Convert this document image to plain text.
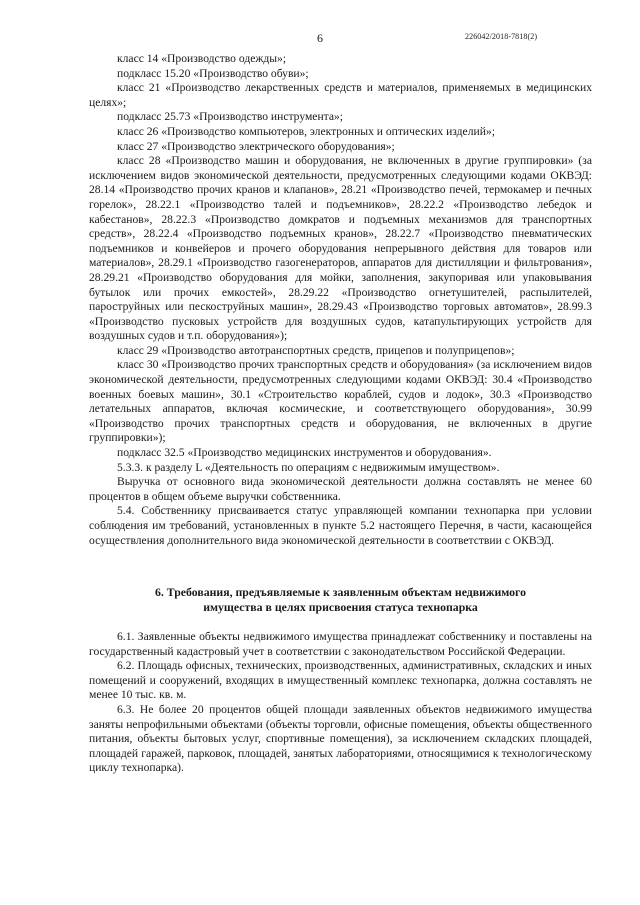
6	226042/2018-7818(2)

класс 14 «Производство одежды»;

подкласс 15.20 «Производство обуви»;

класс 21 «Производство лекарственных средств и материалов, применяемых в медицинских целях»;

подкласс 25.73 «Производство инструмента»;

класс 26 «Производство компьютеров, электронных и оптических изделий»;

класс 27 «Производство электрического оборудования»;

класс 28 «Производство машин и оборудования, не включенных в другие группировки» (за исключением видов экономической деятельности, предусмотренных следующими кодами ОКВЭД: 28.14 «Производство прочих кранов и клапанов», 28.21 «Производство печей, термокамер и печных горелок», 28.22.1 «Производство талей и подъемников», 28.22.2 «Производство лебедок и кабестанов», 28.22.3 «Производство домкратов и подъемных механизмов для транспортных средств», 28.22.4 «Производство подъемных кранов», 28.22.7 «Производство пневматических подъемников и конвейеров и прочего оборудования непрерывного действия для товаров или материалов», 28.29.1 «Производство газогенераторов, аппаратов для дистилляции и фильтрования», 28.29.21 «Производство оборудования для мойки, заполнения, закупоривая или упаковывания бутылок или прочих емкостей», 28.29.22 «Производство огнетушителей, распылителей, пароструйных или пескоструйных машин», 28.29.43 «Производство торговых автоматов», 28.99.3 «Производство пусковых устройств для воздушных судов, катапультирующих устройств для воздушных судов и т.п. оборудования»);

класс 29 «Производство автотранспортных средств, прицепов и полуприцепов»;

класс 30 «Производство прочих транспортных средств и оборудования» (за исключением видов экономической деятельности, предусмотренных следующими кодами ОКВЭД: 30.4 «Производство военных боевых машин», 30.1 «Строительство кораблей, судов и лодок», 30.3 «Производство летательных аппаратов, включая космические, и соответствующего оборудования», 30.99 «Производство прочих транспортных средств и оборудования, не включенных в другие группировки»);

подкласс 32.5 «Производство медицинских инструментов и оборудования».

5.3.3. к разделу L «Деятельность по операциям с недвижимым имуществом».

Выручка от основного вида экономической деятельности должна составлять не менее 60 процентов в общем объеме выручки собственника.

5.4. Собственнику присваивается статус управляющей компании технопарка при условии соблюдения им требований, установленных в пункте 5.2 настоящего Перечня, в части, касающейся осуществления дополнительного вида экономической деятельности в соответствии с ОКВЭД.

6. Требования, предъявляемые к заявленным объектам недвижимого
имущества в целях присвоения статуса технопарка

6.1. Заявленные объекты недвижимого имущества принадлежат собственнику и поставлены на государственный кадастровый учет в соответствии с законодательством Российской Федерации.

6.2. Площадь офисных, технических, производственных, административных, складских и иных помещений и сооружений, входящих в имущественный комплекс технопарка, должна составлять не менее 10 тыс. кв. м.

6.3. Не более 20 процентов общей площади заявленных объектов недвижимого имущества заняты непрофильными объектами (объекты торговли, офисные помещения, объекты общественного питания, объекты бытовых услуг, спортивные помещения), за исключением складских площадей, площадей гаражей, парковок, площадей, занятых лабораториями, относящимися к технологическому циклу технопарка).
